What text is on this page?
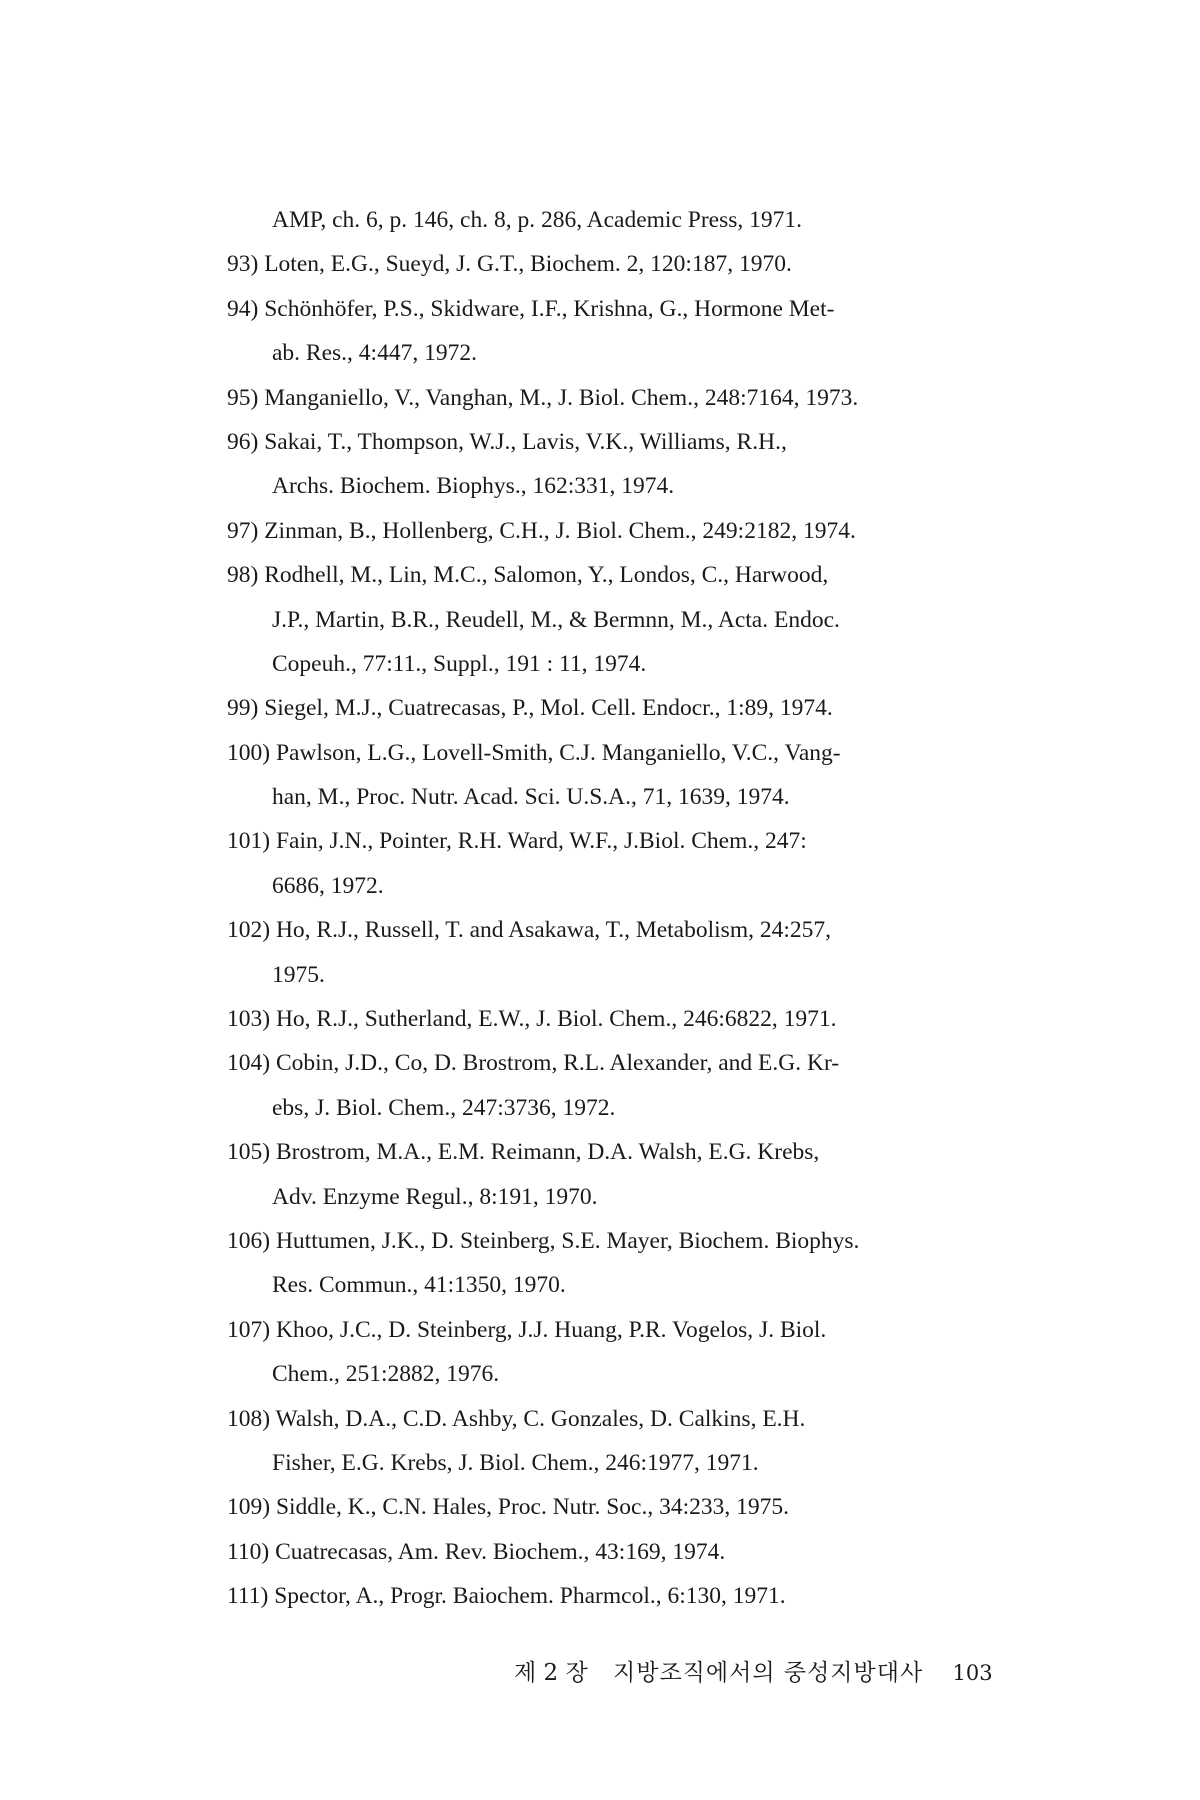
AMP, ch. 6, p. 146, ch. 8, p. 286, Academic Press, 1971.
93) Loten, E.G., Sueyd, J. G.T., Biochem. 2, 120:187, 1970.
94) Schönhöfer, P.S., Skidware, I.F., Krishna, G., Hormone Met-
ab. Res., 4:447, 1972.
95) Manganiello, V., Vanghan, M., J. Biol. Chem., 248:7164, 1973.
96) Sakai, T., Thompson, W.J., Lavis, V.K., Williams, R.H.,
Archs. Biochem. Biophys., 162:331, 1974.
97) Zinman, B., Hollenberg, C.H., J. Biol. Chem., 249:2182, 1974.
98) Rodhell, M., Lin, M.C., Salomon, Y., Londos, C., Harwood,
J.P., Martin, B.R., Reudell, M., & Bermnn, M., Acta. Endoc.
Copeuh., 77:11., Suppl., 191 : 11, 1974.
99) Siegel, M.J., Cuatrecasas, P., Mol. Cell. Endocr., 1:89, 1974.
100) Pawlson, L.G., Lovell-Smith, C.J. Manganiello, V.C., Vang-
han, M., Proc. Nutr. Acad. Sci. U.S.A., 71, 1639, 1974.
101) Fain, J.N., Pointer, R.H. Ward, W.F., J.Biol. Chem., 247:
6686, 1972.
102) Ho, R.J., Russell, T. and Asakawa, T., Metabolism, 24:257,
1975.
103) Ho, R.J., Sutherland, E.W., J. Biol. Chem., 246:6822, 1971.
104) Cobin, J.D., Co, D. Brostrom, R.L. Alexander, and E.G. Kr-
ebs, J. Biol. Chem., 247:3736, 1972.
105) Brostrom, M.A., E.M. Reimann, D.A. Walsh, E.G. Krebs,
Adv. Enzyme Regul., 8:191, 1970.
106) Huttumen, J.K., D. Steinberg, S.E. Mayer, Biochem. Biophys.
Res. Commun., 41:1350, 1970.
107) Khoo, J.C., D. Steinberg, J.J. Huang, P.R. Vogelos, J. Biol.
Chem., 251:2882, 1976.
108) Walsh, D.A., C.D. Ashby, C. Gonzales, D. Calkins, E.H.
Fisher, E.G. Krebs, J. Biol. Chem., 246:1977, 1971.
109) Siddle, K., C.N. Hales, Proc. Nutr. Soc., 34:233, 1975.
110) Cuatrecasas, Am. Rev. Biochem., 43:169, 1974.
111) Spector, A., Progr. Baiochem. Pharmcol., 6:130, 1971.
제 2 장 지방조직에서의 중성지방대사 103
